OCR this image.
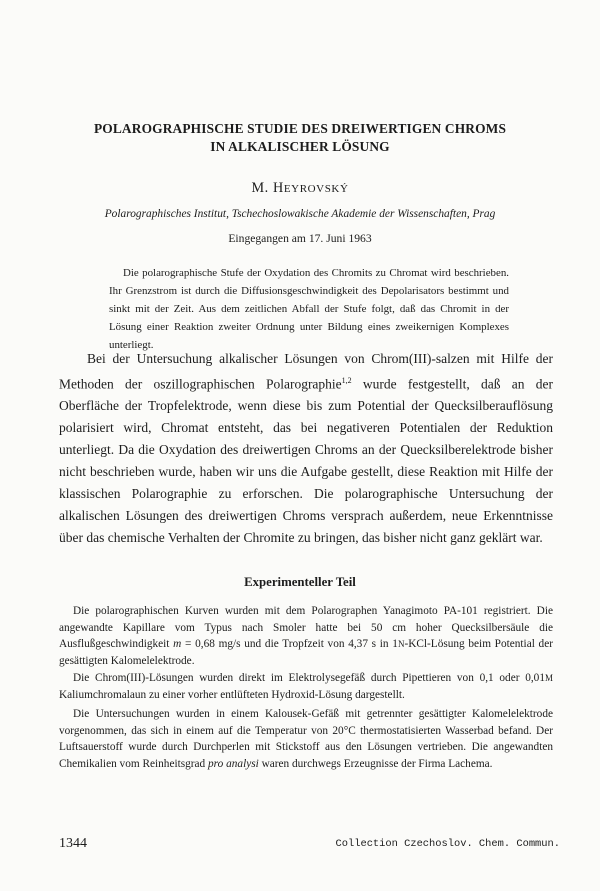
POLAROGRAPHISCHE STUDIE DES DREIWERTIGEN CHROMS

IN ALKALISCHER LÖSUNG

M. HEYROVSKÝ

Polarographisches Institut, Tschechoslowakische Akademie der Wissenschaften, Prag

Eingegangen am 17. Juni 1963

Die polarographische Stufe der Oxydation des Chromits zu Chromat wird beschrieben. Ihr Grenzstrom ist durch die Diffusionsgeschwindigkeit des Depolarisators bestimmt und sinkt mit der Zeit. Aus dem zeitlichen Abfall der Stufe folgt, daß das Chromit in der Lösung einer Reaktion zweiter Ordnung unter Bildung eines zweikernigen Komplexes unterliegt.

Bei der Untersuchung alkalischer Lösungen von Chrom(III)-salzen mit Hilfe der Methoden der oszillographischen Polarographie$^{1,2}$ wurde festgestellt, daß an der Oberfläche der Tropfelektrode, wenn diese bis zum Potential der Quecksilberauflösung polarisiert wird, Chromat entsteht, das bei negativeren Potentialen der Reduktion unterliegt. Da die Oxydation des dreiwertigen Chroms an der Quecksilberelektrode bisher nicht beschrieben wurde, haben wir uns die Aufgabe gestellt, diese Reaktion mit Hilfe der klassischen Polarographie zu erforschen. Die polarographische Untersuchung der alkalischen Lösungen des dreiwertigen Chroms versprach außerdem, neue Erkenntnisse über das chemische Verhalten der Chromite zu bringen, das bisher nicht ganz geklärt war.

Experimenteller Teil

Die polarographischen Kurven wurden mit dem Polarographen Yanagimoto PA-101 registriert. Die angewandte Kapillare vom Typus nach Smoler hatte bei 50 cm hoher Quecksilbersäule die Ausflußgeschwindigkeit m = 0,68 mg/s und die Tropfzeit von 4,37 s in 1N-KCl-Lösung beim Potential der gesättigten Kalomelelektrode.

Die Chrom(III)-Lösungen wurden direkt im Elektrolysegefäß durch Pipettieren von 0,1 oder 0,01M Kaliumchromalaun zu einer vorher entlüfteten Hydroxid-Lösung dargestellt.

Die Untersuchungen wurden in einem Kalousek-Gefäß mit getrennter gesättigter Kalomelelektrode vorgenommen, das sich in einem auf die Temperatur von 20°C thermostatisierten Wasserbad befand. Der Luftsauerstoff wurde durch Durchperlen mit Stickstoff aus den Lösungen vertrieben. Die angewandten Chemikalien vom Reinheitsgrad pro analysi waren durchwegs Erzeugnisse der Firma Lachema.

1344	Collection Czechoslov. Chem. Commun.
